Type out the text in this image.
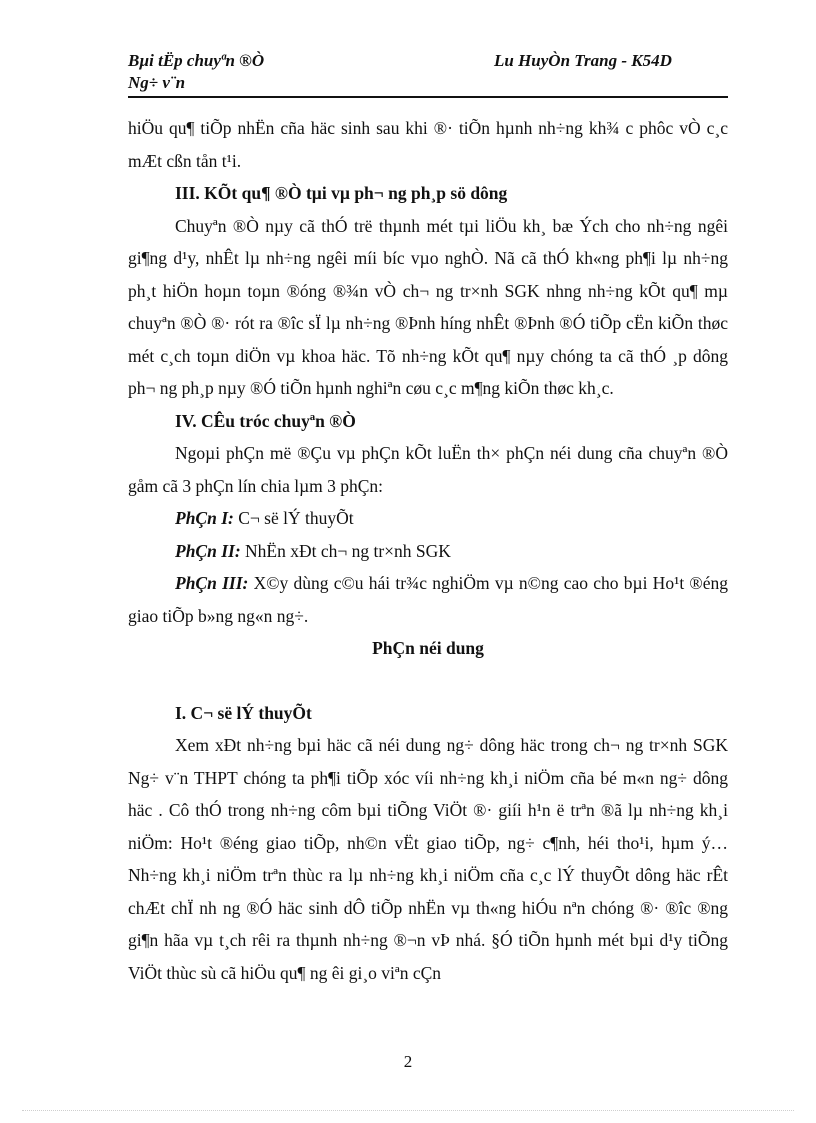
Bµi tËp chuyªn ®Ò
Ng÷ v¨n
Lu HuyÒn Trang - K54D

hiÖu qu¶ tiÕp nhËn cña häc sinh sau khi ®· tiÕn hµnh nh÷ng kh¾ c phôc vÒ c¸c mÆt cßn tån t¹i.

III. KÕt qu¶ ®Ò tµi vµ ph¬ ng ph¸p sö dông

Chuyªn ®Ò nµy cã thÓ trë thµnh mét tµi liÖu kh¸ bæ Ých cho nh÷ng ngêi gi¶ng d¹y, nhÊt lµ nh÷ng ngêi míi bíc vµo nghÒ. Nã cã thÓ kh«ng ph¶i lµ nh÷ng ph¸t hiÖn hoµn toµn ®óng ®¾n vÒ ch¬ ng tr×nh SGK nhng nh÷ng kÕt qu¶ mµ chuyªn ®Ò ®· rót ra ®îc sÏ lµ nh÷ng ®Þnh híng nhÊt ®Þnh ®Ó tiÕp cËn kiÕn thøc mét c¸ch toµn diÖn vµ khoa häc. Tõ nh÷ng kÕt qu¶ nµy chóng ta cã thÓ ¸p dông ph¬ ng ph¸p nµy ®Ó tiÕn hµnh nghiªn cøu c¸c m¶ng kiÕn thøc kh¸c.

IV. CÊu tróc chuyªn ®Ò

Ngoµi phÇn më ®Çu vµ phÇn kÕt luËn th× phÇn néi dung cña chuyªn ®Ò gåm cã 3 phÇn lín chia lµm 3 phÇn:

PhÇn I: C¬ së lÝ thuyÕt

PhÇn II: NhËn xÐt ch¬ ng tr×nh SGK

PhÇn III: X©y dùng c©u hái tr¾c nghiÖm vµ n©ng cao cho bµi Ho¹t ®éng giao tiÕp b»ng ng«n ng÷.

PhÇn néi dung

I. C¬ së lÝ thuyÕt

Xem xÐt nh÷ng bµi häc cã néi dung ng÷ dông häc trong ch¬ ng tr×nh SGK Ng÷ v¨n THPT chóng ta ph¶i tiÕp xóc víi nh÷ng kh¸i niÖm cña bé m«n ng÷ dông häc . Cô thÓ trong nh÷ng côm bµi tiÕng ViÖt ®· giíi h¹n ë trªn ®ã lµ nh÷ng kh¸i niÖm: Ho¹t ®éng giao tiÕp, nh©n vËt giao tiÕp, ng÷ c¶nh, héi tho¹i, hµm ý… Nh÷ng kh¸i niÖm trªn thùc ra lµ nh÷ng kh¸i niÖm cña c¸c lÝ thuyÕt dông häc rÊt chÆt chÏ nh ng ®Ó häc sinh dÔ tiÕp nhËn vµ th«ng hiÓu nªn chóng ®· ®îc ®ng gi¶n hãa vµ t¸ch rêi ra thµnh nh÷ng ®¬n vÞ nhá. §Ó tiÕn hµnh mét bµi d¹y tiÕng ViÖt thùc sù cã hiÖu qu¶ ng êi gi¸o viªn cÇn

2
